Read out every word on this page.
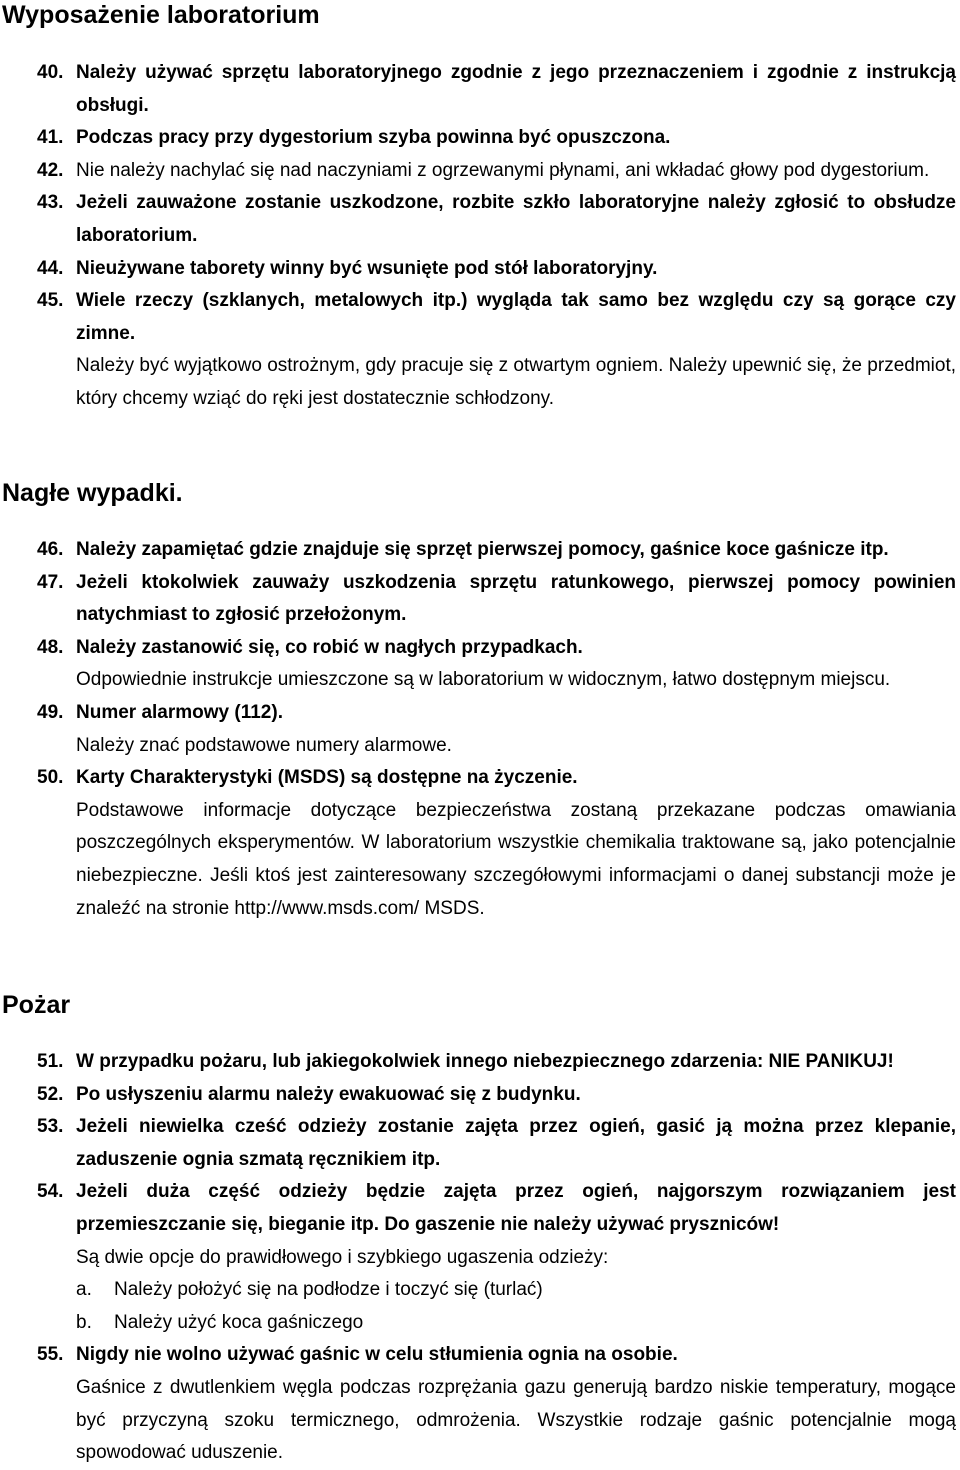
Wyposażenie laboratorium
40. Należy używać sprzętu laboratoryjnego zgodnie z jego przeznaczeniem i zgodnie z instrukcją obsługi.
41. Podczas pracy przy dygestorium szyba powinna być opuszczona.
42. Nie należy nachylać się nad naczyniami z ogrzewanymi płynami, ani wkładać głowy pod dygestorium.
43. Jeżeli zauważone zostanie uszkodzone, rozbite szkło laboratoryjne należy zgłosić to obsłudze laboratorium.
44. Nieużywane taborety winny być wsunięte pod stół laboratoryjny.
45. Wiele rzeczy (szklanych, metalowych itp.) wygląda tak samo bez względu czy są gorące czy zimne.
Należy być wyjątkowo ostrożnym, gdy pracuje się z otwartym ogniem. Należy upewnić się, że przedmiot, który chcemy wziąć do ręki jest dostatecznie schłodzony.
Nagłe wypadki.
46. Należy zapamiętać gdzie znajduje się sprzęt pierwszej pomocy, gaśnice koce gaśnicze itp.
47. Jeżeli ktokolwiek zauważy uszkodzenia sprzętu ratunkowego, pierwszej pomocy powinien natychmiast to zgłosić przełożonym.
48. Należy zastanowić się, co robić w nagłych przypadkach.
Odpowiednie instrukcje umieszczone są w laboratorium w widocznym, łatwo dostępnym miejscu.
49. Numer alarmowy (112).
Należy znać podstawowe numery alarmowe.
50. Karty Charakterystyki (MSDS) są dostępne na życzenie.
Podstawowe informacje dotyczące bezpieczeństwa zostaną przekazane podczas omawiania poszczególnych eksperymentów. W laboratorium wszystkie chemikalia traktowane są, jako potencjalnie niebezpieczne. Jeśli ktoś jest zainteresowany szczegółowymi informacjami o danej substancji może je znaleźć na stronie http://www.msds.com/ MSDS.
Pożar
51. W przypadku pożaru, lub jakiegokolwiek innego niebezpiecznego zdarzenia: NIE PANIKUJ!
52. Po usłyszeniu alarmu należy ewakuować się z budynku.
53. Jeżeli niewielka cześć odzieży zostanie zajęta przez ogień, gasić ją można przez klepanie, zaduszenie ognia szmatą ręcznikiem itp.
54. Jeżeli duża część odzieży będzie zajęta przez ogień, najgorszym rozwiązaniem jest przemieszczanie się, bieganie itp. Do gaszenie nie należy używać pryszniców!
Są dwie opcje do prawidłowego i szybkiego ugaszenia odzieży:
a.	Należy położyć się na podłodze i toczyć się (turlać)
b.	Należy użyć koca gaśniczego
55. Nigdy nie wolno używać gaśnic w celu stłumienia ognia na osobie.
Gaśnice z dwutlenkiem węgla podczas rozprężania gazu generują bardzo niskie temperatury, mogące być przyczyną szoku termicznego, odmrożenia. Wszystkie rodzaje gaśnic potencjalnie mogą spowodować uduszenie.
